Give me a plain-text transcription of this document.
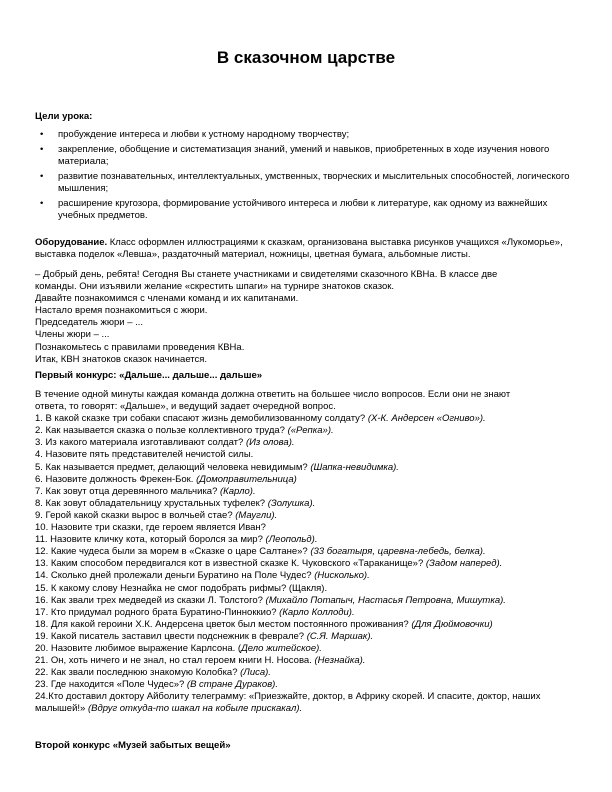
В сказочном царстве
Цели урока:
• пробуждение интереса и любви к устному народному творчеству;
• закрепление, обобщение и систематизация знаний, умений и навыков, приобретенных в ходе изучения нового материала;
• развитие познавательных, интеллектуальных, умственных, творческих и мыслительных способностей, логического мышления;
• расширение кругозора, формирование устойчивого интереса и любви к литературе, как одному из важнейших учебных предметов.
Оборудование. Класс оформлен иллюстрациями к сказкам, организована выставка рисунков учащихся «Лукоморье», выставка поделок «Левша», раздаточный материал, ножницы, цветная бумага, альбомные листы.
– Добрый день, ребята! Сегодня Вы станете участниками и свидетелями сказочного КВНа. В классе две
команды. Они изъявили желание «скрестить шпаги» на турнире знатоков сказок.
Давайте познакомимся с членами команд и их капитанами.
Настало время познакомиться с жюри.
Председатель жюри – ...
Члены жюри – ...
Познакомьтесь с правилами проведения КВНа.
Итак, КВН знатоков сказок начинается.
Первый конкурс: «Дальше... дальше... дальше»
В течение одной минуты каждая команда должна ответить на большее число вопросов. Если они не знают
ответа, то говорят: «Дальше», и ведущий задает очередной вопрос.
1. В какой сказке три собаки спасают жизнь демобилизованному солдату? (Х-К. Андерсен «Огниво»).
2. Как называется сказка о пользе коллективного труда? («Репка»).
3. Из какого материала изготавливают солдат? (Из олова).
4. Назовите пять представителей нечистой силы.
5. Как называется предмет, делающий человека невидимым? (Шапка-невидимка).
6. Назовите должность Фрекен-Бок. (Домоправительница)
7. Как зовут отца деревянного мальчика? (Карло).
8. Как зовут обладательницу хрустальных туфелек? (Золушка).
9. Герой какой сказки вырос в волчьей стае? (Маугли).
10. Назовите три сказки, где героем является Иван?
11. Назовите кличку кота, который боролся за мир? (Леопольд).
12. Какие чудеса были за морем в «Сказке о царе Салтане»? (33 богатыря, царевна-лебедь, белка).
13. Каким способом передвигался кот в известной сказке К. Чуковского «Тараканище»? (Задом наперед).
14. Сколько дней пролежали деньги Буратино на Поле Чудес? (Нисколько).
15. К какому слову Незнайка не смог подобрать рифмы? (Щакля).
16. Как звали трех медведей из сказки Л. Толстого? (Михайло Потапыч, Настасья Петровна, Мишутка).
17. Кто придумал родного брата Буратино-Пинноккио? (Карло Коллоди).
18. Для какой героини Х.К. Андерсена цветок был местом постоянного проживания? (Для Дюймовочки)
19. Какой писатель заставил цвести подснежник в феврале? (С.Я. Маршак).
20. Назовите любимое выражение Карлсона. (Дело житейское).
21. Он, хоть ничего и не знал, но стал героем книги Н. Носова. (Незнайка).
22. Как звали последнюю знакомую Колобка? (Лиса).
23. Где находится «Поле Чудес»? (В стране Дураков).
24.Кто доставил доктору Айболиту телеграмму: «Приезжайте, доктор, в Африку скорей. И спасите, доктор, наших малышей!» (Вдруг откуда-то шакал на кобыле прискакал).
Второй конкурс «Музей забытых вещей»
